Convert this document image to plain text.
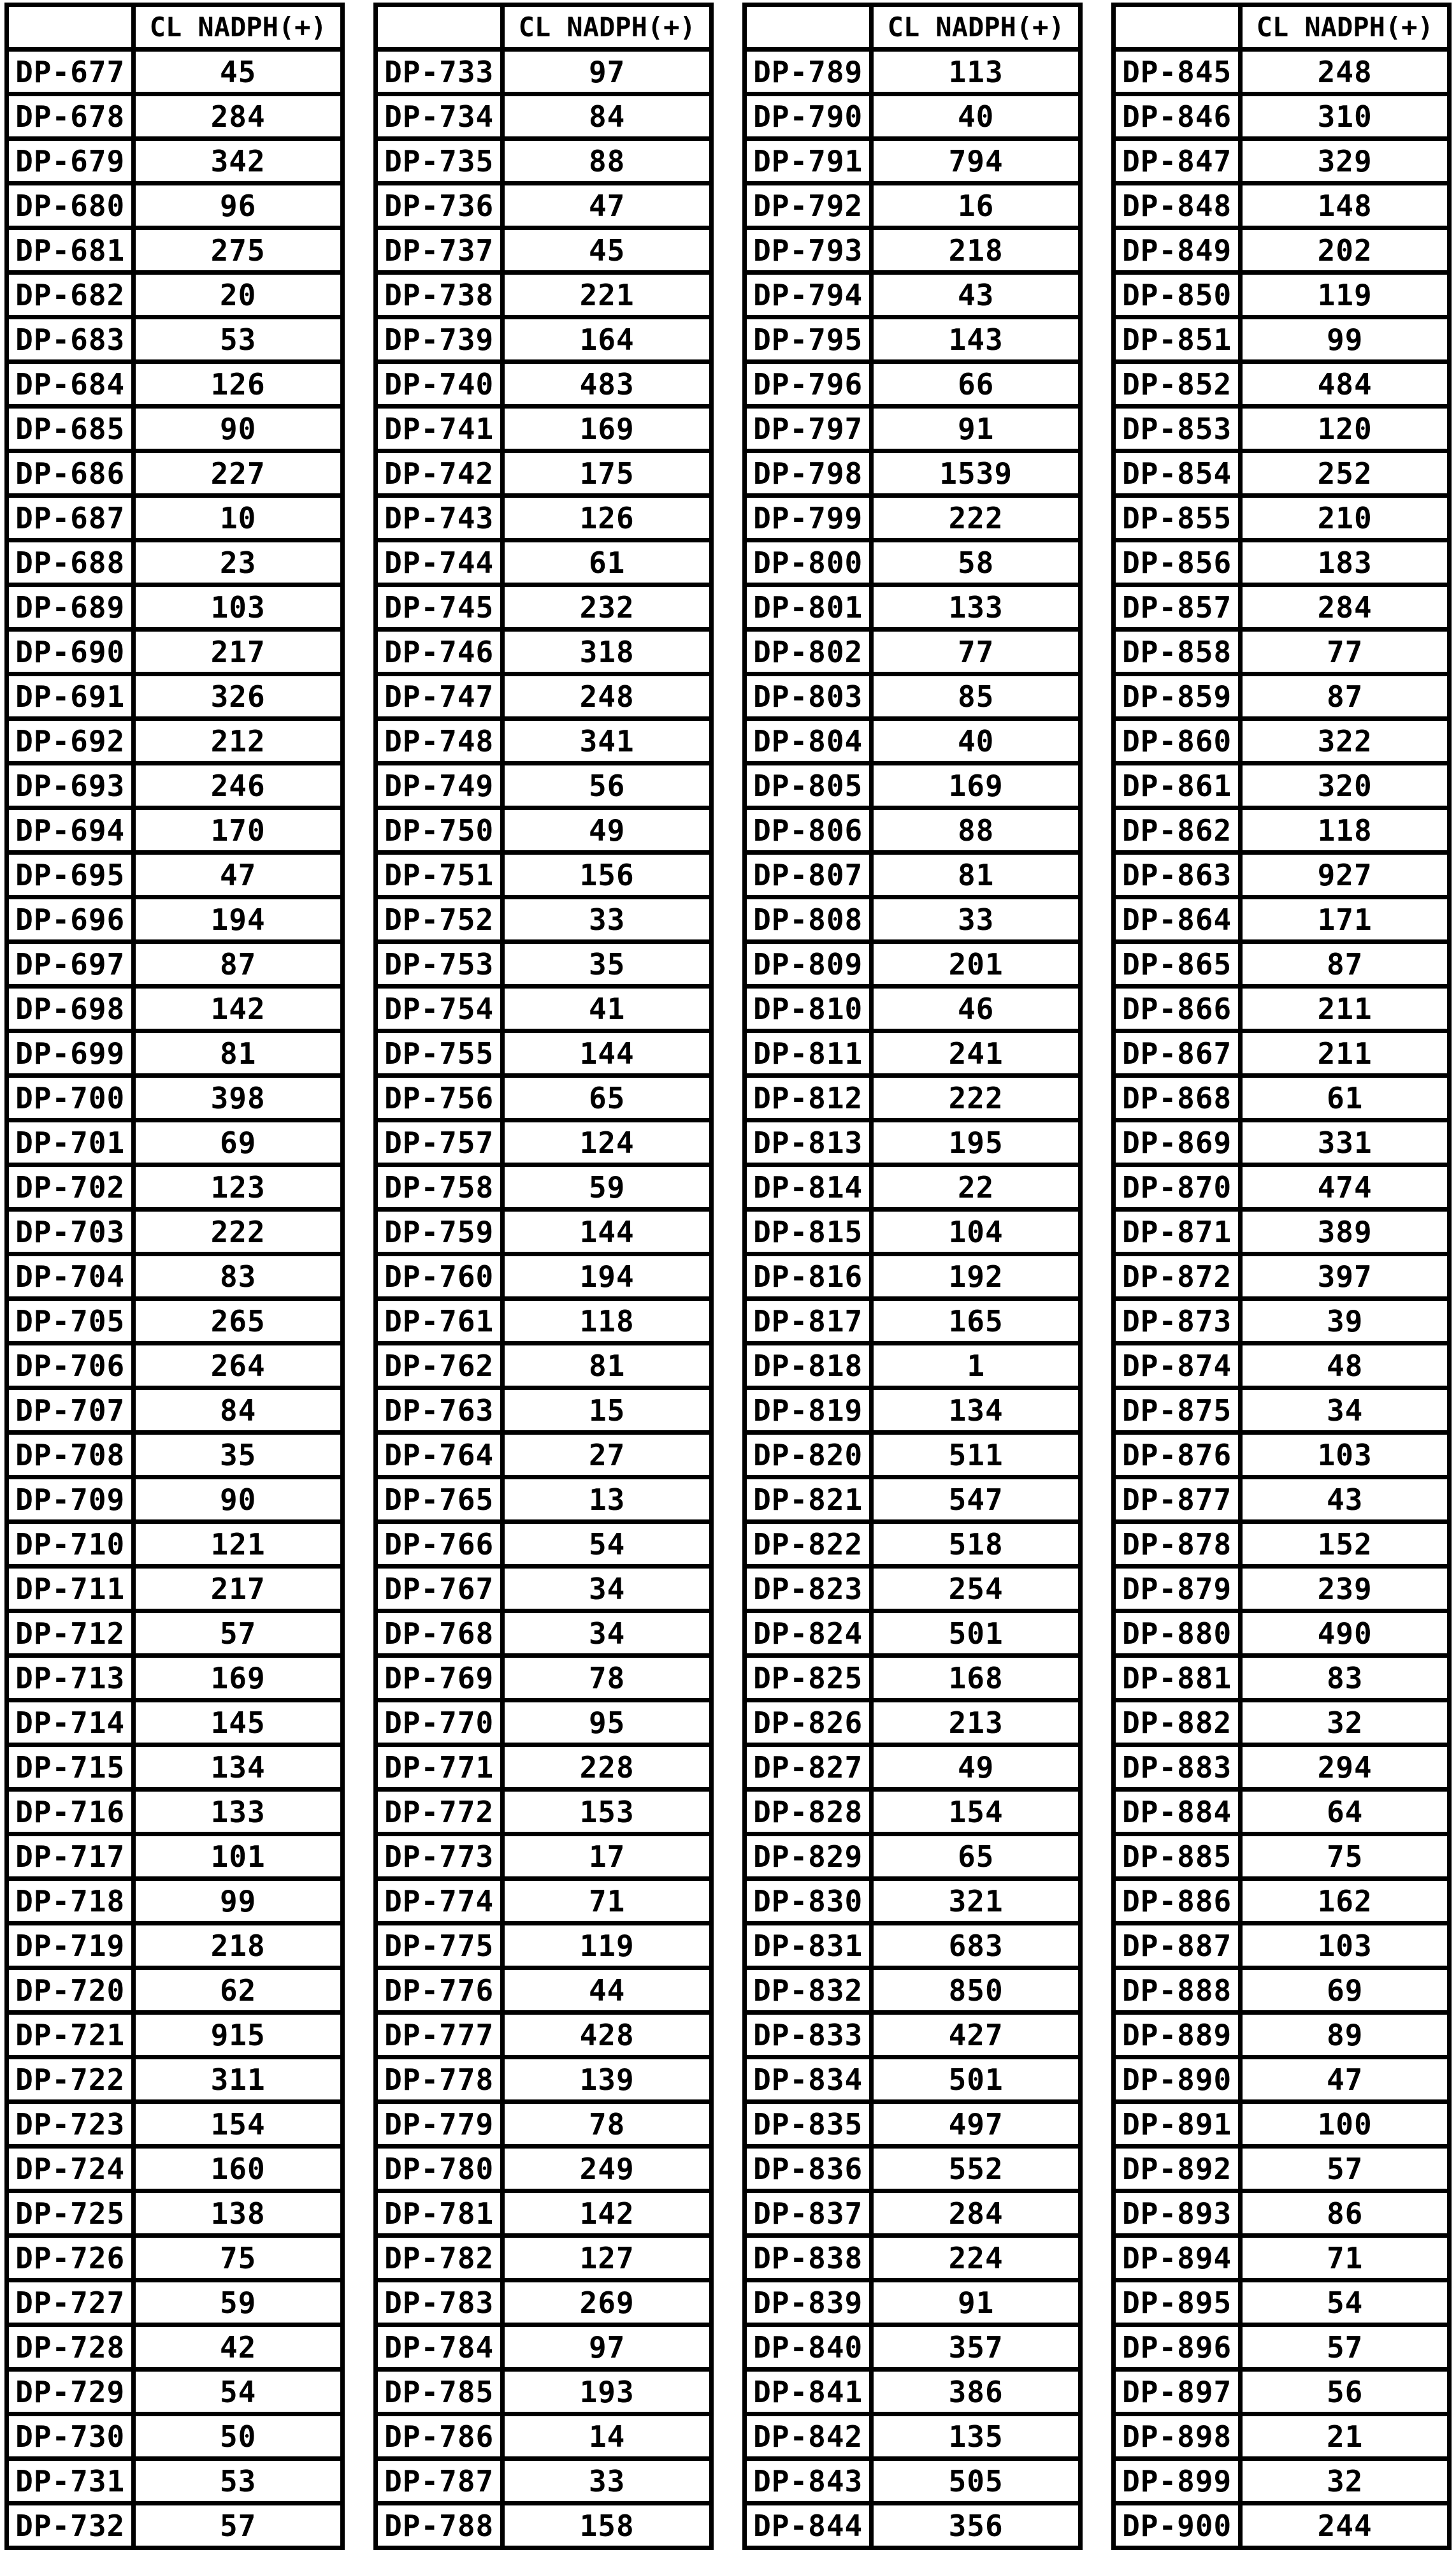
	CL NADPH(+)
DP-677	45
DP-678	284
DP-679	342
DP-680	96
DP-681	275
DP-682	20
DP-683	53
DP-684	126
DP-685	90
DP-686	227
DP-687	10
DP-688	23
DP-689	103
DP-690	217
DP-691	326
DP-692	212
DP-693	246
DP-694	170
DP-695	47
DP-696	194
DP-697	87
DP-698	142
DP-699	81
DP-700	398
DP-701	69
DP-702	123
DP-703	222
DP-704	83
DP-705	265
DP-706	264
DP-707	84
DP-708	35
DP-709	90
DP-710	121
DP-711	217
DP-712	57
DP-713	169
DP-714	145
DP-715	134
DP-716	133
DP-717	101
DP-718	99
DP-719	218
DP-720	62
DP-721	915
DP-722	311
DP-723	154
DP-724	160
DP-725	138
DP-726	75
DP-727	59
DP-728	42
DP-729	54
DP-730	50
DP-731	53
DP-732	57
	CL NADPH(+)
DP-733	97
DP-734	84
DP-735	88
DP-736	47
DP-737	45
DP-738	221
DP-739	164
DP-740	483
DP-741	169
DP-742	175
DP-743	126
DP-744	61
DP-745	232
DP-746	318
DP-747	248
DP-748	341
DP-749	56
DP-750	49
DP-751	156
DP-752	33
DP-753	35
DP-754	41
DP-755	144
DP-756	65
DP-757	124
DP-758	59
DP-759	144
DP-760	194
DP-761	118
DP-762	81
DP-763	15
DP-764	27
DP-765	13
DP-766	54
DP-767	34
DP-768	34
DP-769	78
DP-770	95
DP-771	228
DP-772	153
DP-773	17
DP-774	71
DP-775	119
DP-776	44
DP-777	428
DP-778	139
DP-779	78
DP-780	249
DP-781	142
DP-782	127
DP-783	269
DP-784	97
DP-785	193
DP-786	14
DP-787	33
DP-788	158
	CL NADPH(+)
DP-789	113
DP-790	40
DP-791	794
DP-792	16
DP-793	218
DP-794	43
DP-795	143
DP-796	66
DP-797	91
DP-798	1539
DP-799	222
DP-800	58
DP-801	133
DP-802	77
DP-803	85
DP-804	40
DP-805	169
DP-806	88
DP-807	81
DP-808	33
DP-809	201
DP-810	46
DP-811	241
DP-812	222
DP-813	195
DP-814	22
DP-815	104
DP-816	192
DP-817	165
DP-818	1
DP-819	134
DP-820	511
DP-821	547
DP-822	518
DP-823	254
DP-824	501
DP-825	168
DP-826	213
DP-827	49
DP-828	154
DP-829	65
DP-830	321
DP-831	683
DP-832	850
DP-833	427
DP-834	501
DP-835	497
DP-836	552
DP-837	284
DP-838	224
DP-839	91
DP-840	357
DP-841	386
DP-842	135
DP-843	505
DP-844	356
	CL NADPH(+)
DP-845	248
DP-846	310
DP-847	329
DP-848	148
DP-849	202
DP-850	119
DP-851	99
DP-852	484
DP-853	120
DP-854	252
DP-855	210
DP-856	183
DP-857	284
DP-858	77
DP-859	87
DP-860	322
DP-861	320
DP-862	118
DP-863	927
DP-864	171
DP-865	87
DP-866	211
DP-867	211
DP-868	61
DP-869	331
DP-870	474
DP-871	389
DP-872	397
DP-873	39
DP-874	48
DP-875	34
DP-876	103
DP-877	43
DP-878	152
DP-879	239
DP-880	490
DP-881	83
DP-882	32
DP-883	294
DP-884	64
DP-885	75
DP-886	162
DP-887	103
DP-888	69
DP-889	89
DP-890	47
DP-891	100
DP-892	57
DP-893	86
DP-894	71
DP-895	54
DP-896	57
DP-897	56
DP-898	21
DP-899	32
DP-900	244
